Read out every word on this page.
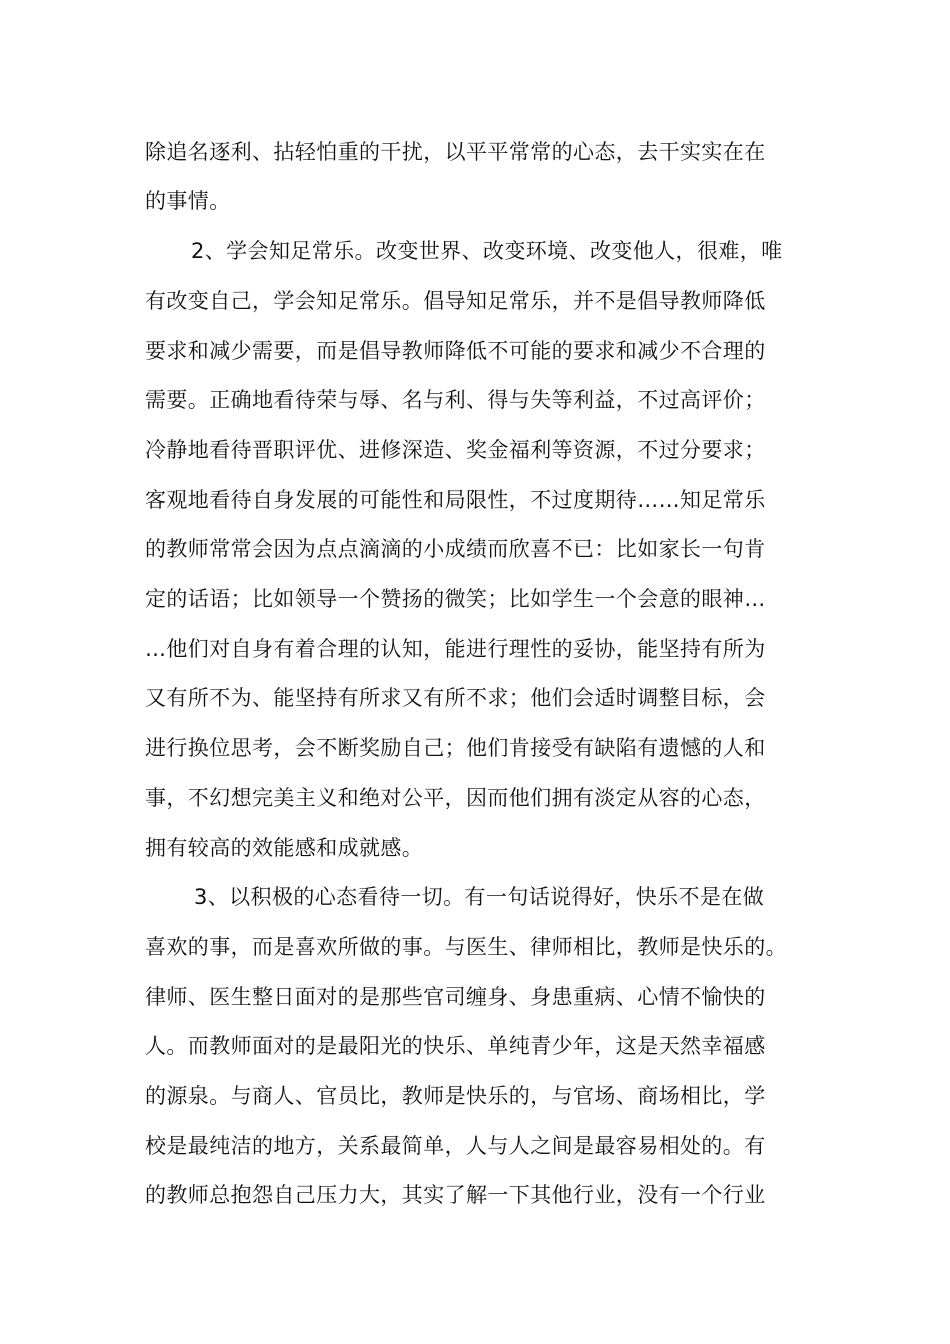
除追名逐利、拈轻怕重的干扰，以平平常常的心态，去干实实在在
的事情。
2、学会知足常乐。改变世界、改变环境、改变他人，很难，唯
有改变自己，学会知足常乐。倡导知足常乐，并不是倡导教师降低
要求和减少需要，而是倡导教师降低不可能的要求和减少不合理的
需要。正确地看待荣与辱、名与利、得与失等利益，不过高评价；
冷静地看待晋职评优、进修深造、奖金福利等资源，不过分要求；
客观地看待自身发展的可能性和局限性，不过度期待……知足常乐
的教师常常会因为点点滴滴的小成绩而欣喜不已：比如家长一句肯
定的话语；比如领导一个赞扬的微笑；比如学生一个会意的眼神…
…他们对自身有着合理的认知，能进行理性的妥协，能坚持有所为
又有所不为、能坚持有所求又有所不求；他们会适时调整目标，会
进行换位思考，会不断奖励自己；他们肯接受有缺陷有遗憾的人和
事，不幻想完美主义和绝对公平，因而他们拥有淡定从容的心态，
拥有较高的效能感和成就感。
3、以积极的心态看待一切。有一句话说得好，快乐不是在做
喜欢的事，而是喜欢所做的事。与医生、律师相比，教师是快乐的。
律师、医生整日面对的是那些官司缠身、身患重病、心情不愉快的
人。而教师面对的是最阳光的快乐、单纯青少年，这是天然幸福感
的源泉。与商人、官员比，教师是快乐的，与官场、商场相比，学
校是最纯洁的地方，关系最简单，人与人之间是最容易相处的。有
的教师总抱怨自己压力大，其实了解一下其他行业，没有一个行业
